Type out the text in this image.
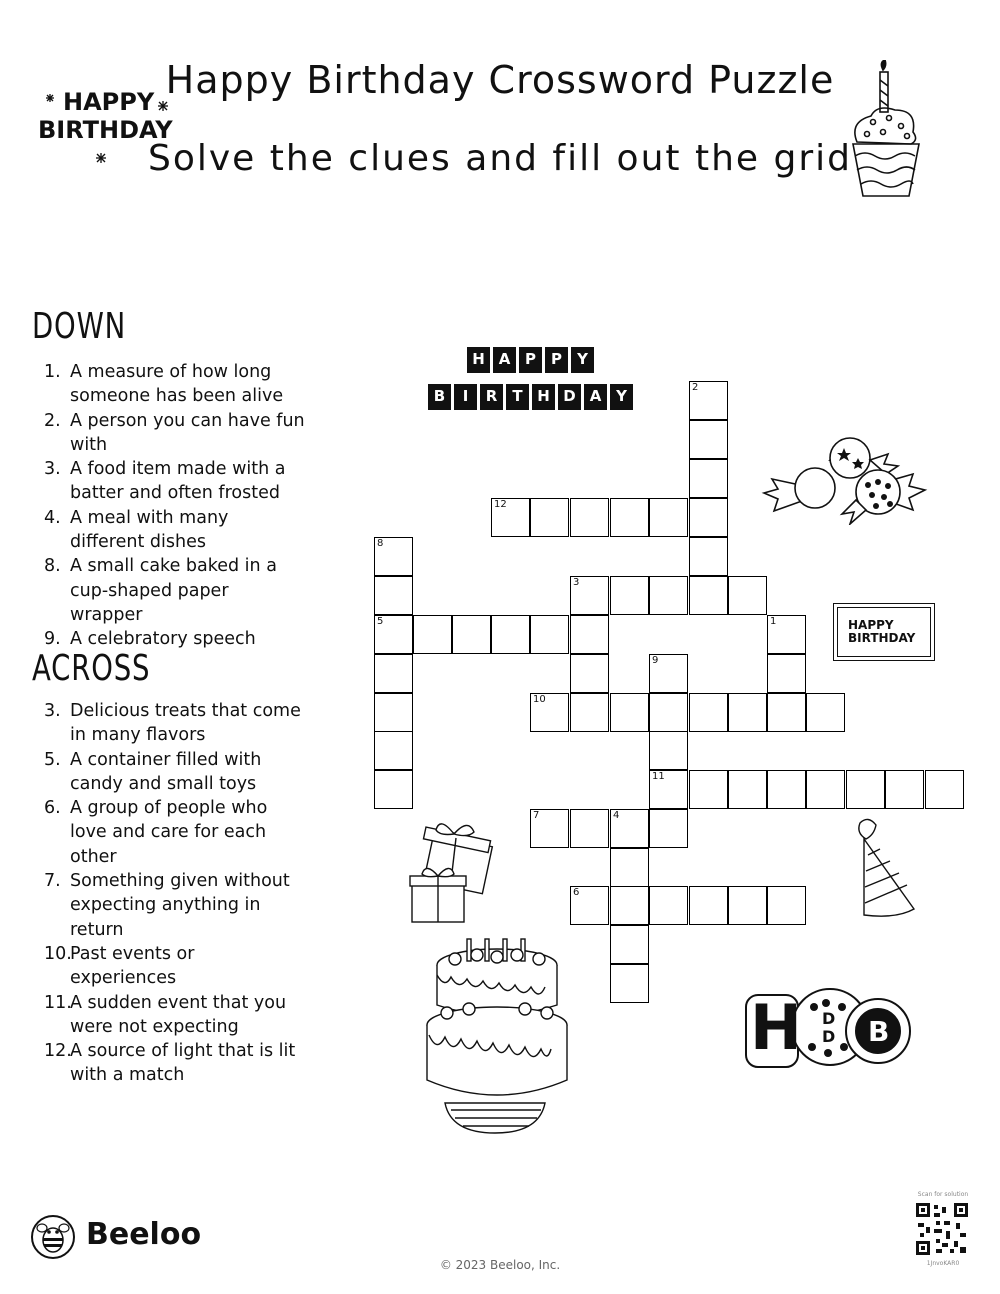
HAPPY
BIRTHDAY
Happy Birthday Crossword Puzzle
Solve the clues and fill out the grid
DOWN
1. A measure of how long someone has been alive
2. A person you can have fun with
3. A food item made with a batter and often frosted
4. A meal with many different dishes
8. A small cake baked in a cup-shaped paper wrapper
9. A celebratory speech
ACROSS
3. Delicious treats that come in many flavors
5. A container filled with candy and small toys
6. A group of people who love and care for each other
7. Something given without expecting anything in return
10.
Past events or experiences
11.
A sudden event that you were not expecting
12.
A source of light that is lit with a match
H A P	P	Y
B	I	R	T H D A Y	2
12
8
3
5	1
9
10
11
7	4
6
HAPPY
BIRTHDAY
H D
D B
Beeloo
© 2023 Beeloo, Inc.
Scan for solution
1JnvoKAR0
